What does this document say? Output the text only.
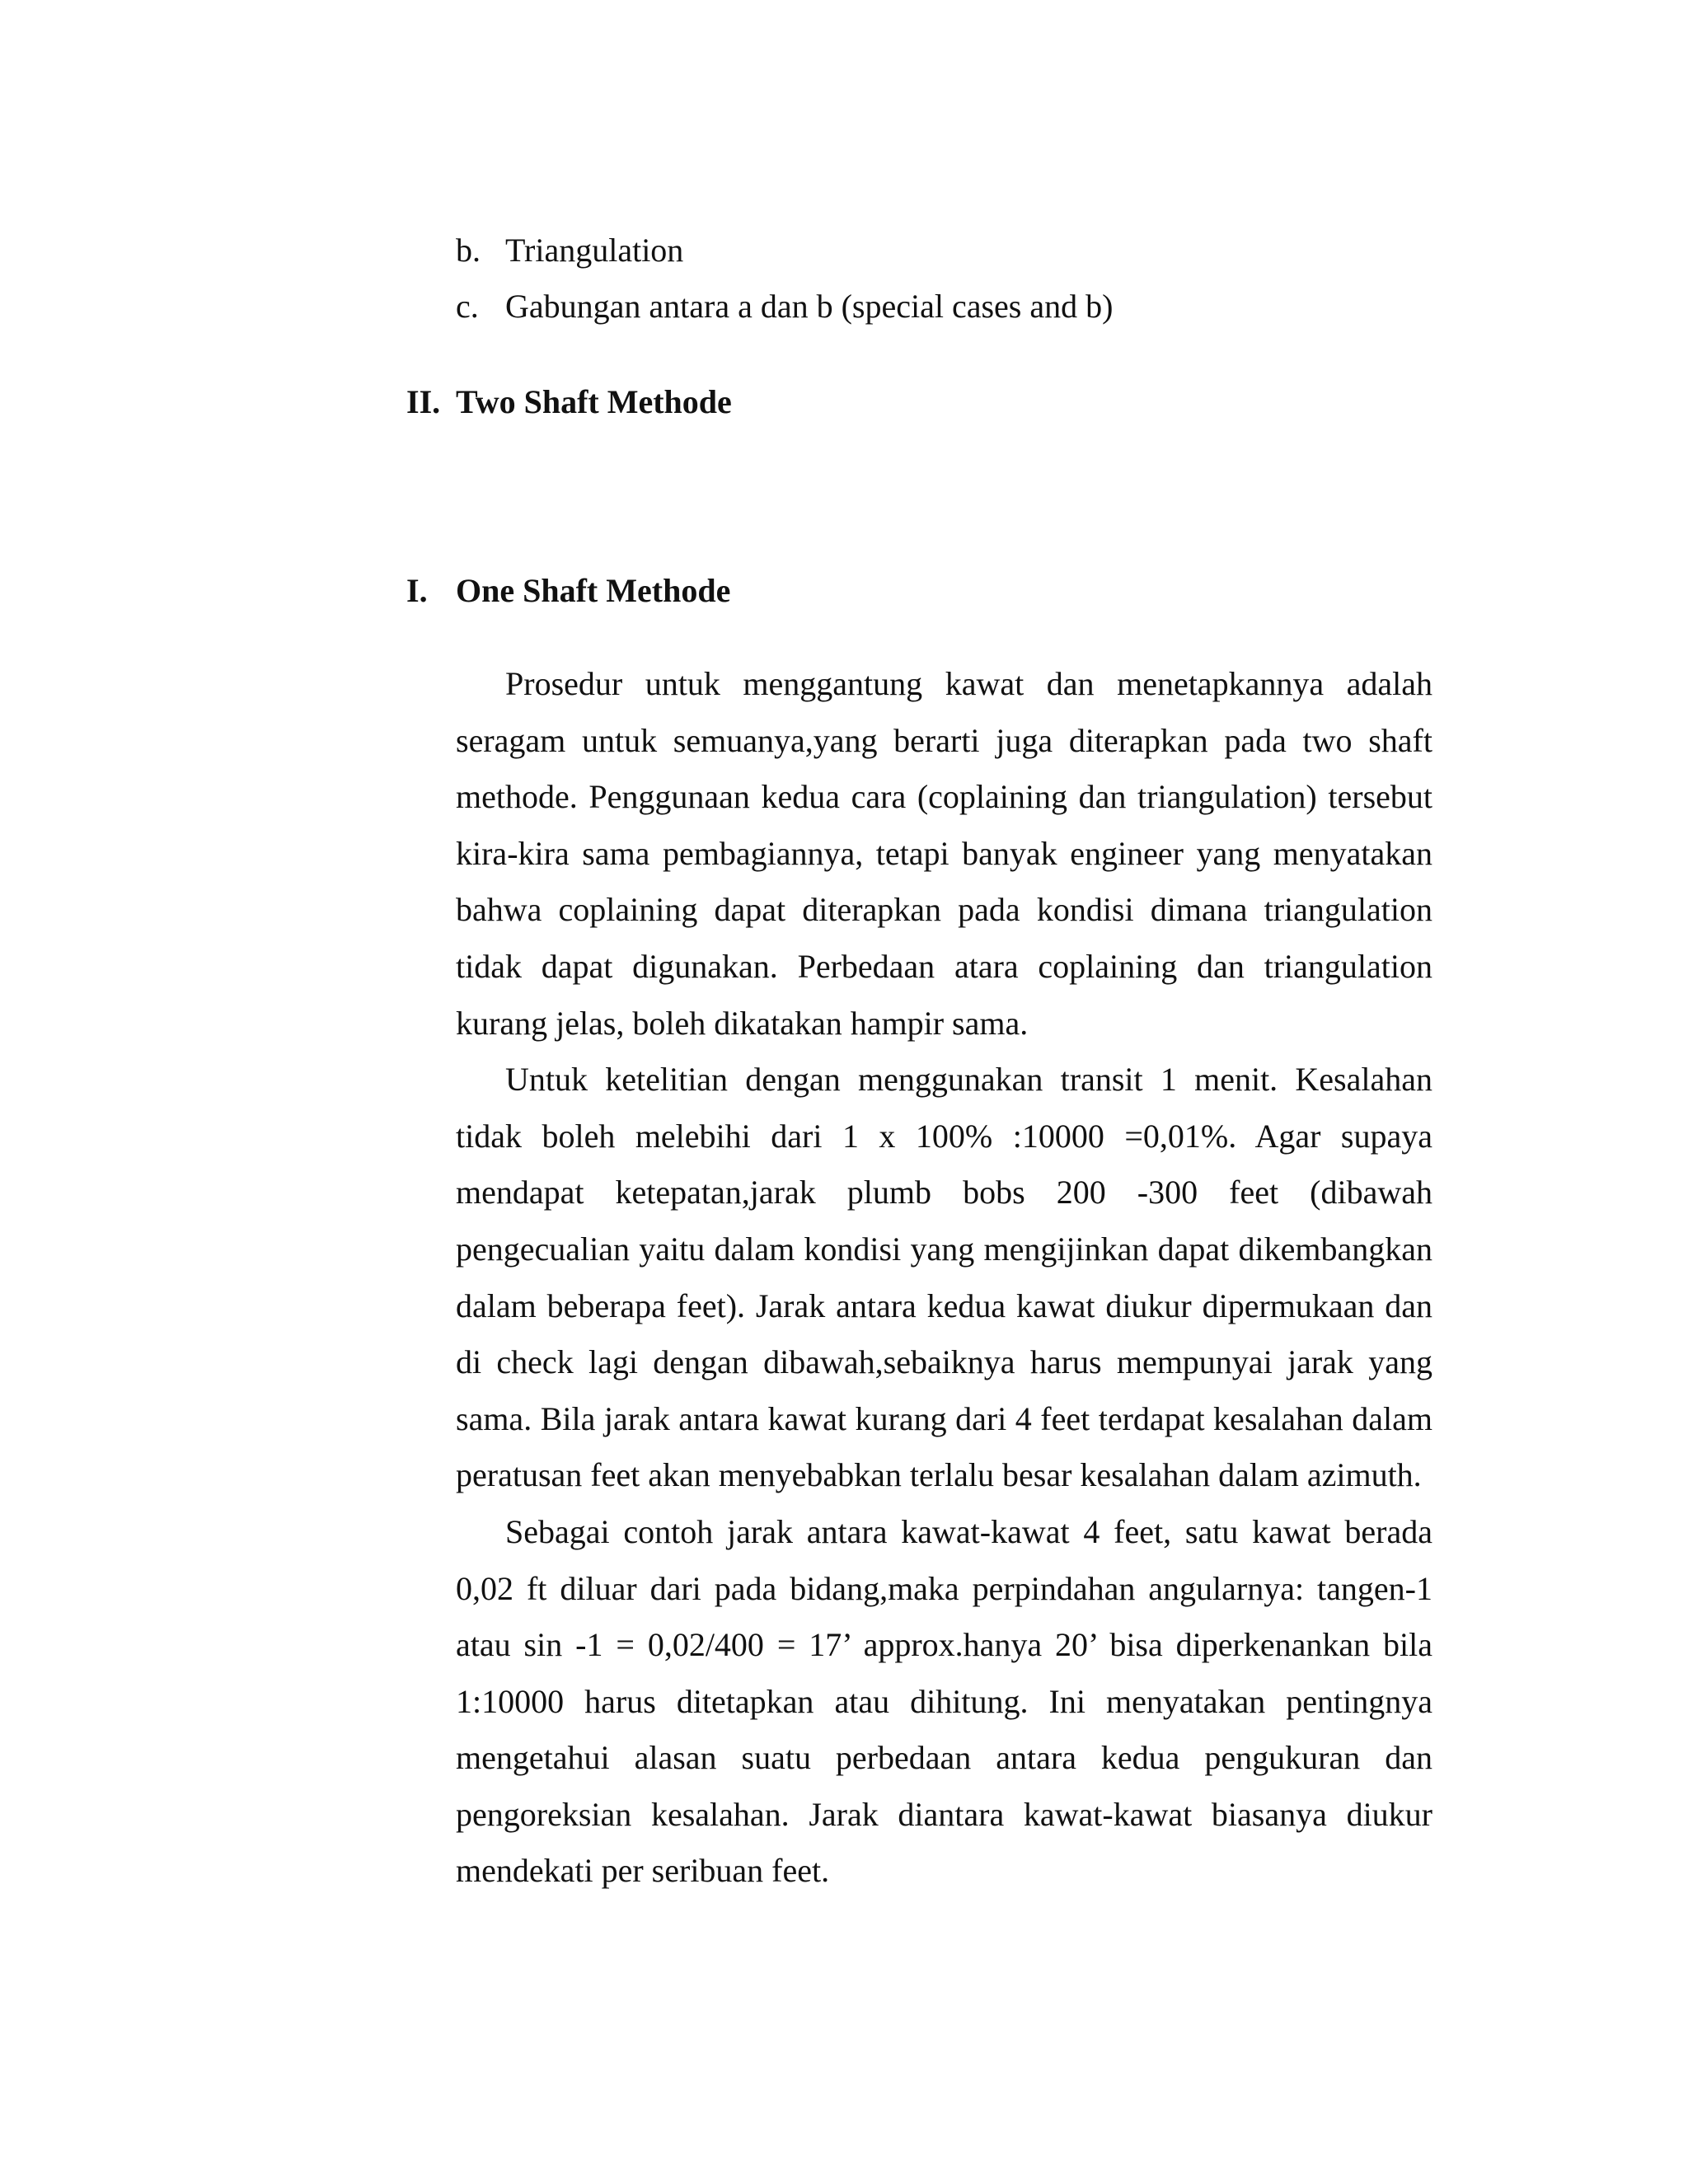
b. Triangulation
c. Gabungan antara a dan b (special cases and b)
II. Two Shaft Methode
I. One Shaft Methode

Prosedur untuk menggantung kawat dan menetapkannya adalah seragam untuk semuanya,yang berarti juga diterapkan pada two shaft methode. Penggunaan kedua cara (coplaining dan triangulation) tersebut kira-kira sama pembagiannya, tetapi banyak engineer yang menyatakan bahwa coplaining dapat diterapkan pada kondisi dimana triangulation tidak dapat digunakan. Perbedaan atara coplaining dan triangulation kurang jelas, boleh dikatakan hampir sama.

Untuk ketelitian dengan menggunakan transit 1 menit. Kesalahan tidak boleh melebihi dari 1 x 100% :10000 =0,01%. Agar supaya mendapat ketepatan,jarak plumb bobs 200 -300 feet (dibawah pengecualian yaitu dalam kondisi yang mengijinkan dapat dikembangkan dalam beberapa feet). Jarak antara kedua kawat diukur dipermukaan dan di check lagi dengan dibawah,sebaiknya harus mempunyai jarak yang sama. Bila jarak antara kawat kurang dari 4 feet terdapat kesalahan dalam peratusan feet akan menyebabkan terlalu besar kesalahan dalam azimuth.

Sebagai contoh jarak antara kawat-kawat 4 feet, satu kawat berada 0,02 ft diluar dari pada bidang,maka perpindahan angularnya: tangen-1 atau sin -1 = 0,02/400 = 17’ approx.hanya 20’ bisa diperkenankan bila 1:10000 harus ditetapkan atau dihitung. Ini menyatakan pentingnya mengetahui alasan suatu perbedaan antara kedua pengukuran dan pengoreksian kesalahan. Jarak diantara kawat-kawat biasanya diukur mendekati per seribuan feet.
